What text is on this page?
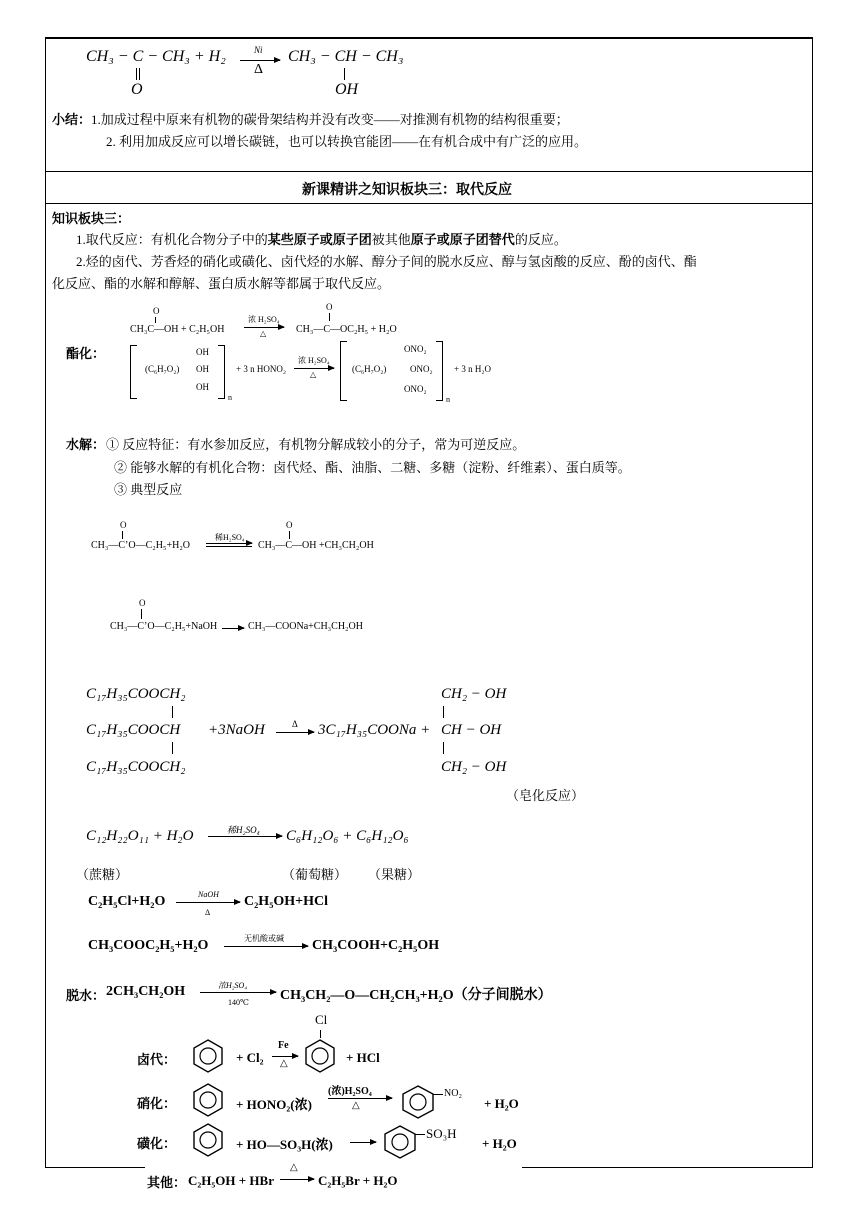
CH₃ − C − CH₃ + H₂	Ni
Δ
CH₃ − CH − CH₃
O	OH
小结： 1.加成过程中原来有机物的碳骨架结构并没有改变——对推测有机物的结构很重要；
2. 利用加成反应可以增长碳链，也可以转换官能团——在有机合成中有广泛的应用。
新课精讲之知识板块三：取代反应
知识板块三：

1.取代反应：有机化合物分子中的某些原子或原子团被其他原子或原子团替代的反应。

2.烃的卤代、芳香烃的硝化或磺化、卤代烃的水解、醇分子间的脱水反应、醇与氢卤酸的反应、酚的卤代、酯
化反应、酯的水解和醇解、蛋白质水解等都属于取代反应。
酯化：
O
CH₃C—OH + C₂H₅OH
浓 H₂SO₄
△
O
CH₃—C—OC₂H₅ + H₂O
(C₆H₇O₂)
OH
OH
OH
n
+ 3 n HONO₂
浓 H₂SO₄
△
(C₆H₇O₂)
ONO₂
ONO₂
ONO₂
n
+ 3 n H₂O
水解： ① 反应特征：有水参加反应，有机物分解成较小的分子，常为可逆反应。
② 能够水解的有机化合物：卤代烃、酯、油脂、二糖、多糖（淀粉、纤维素）、蛋白质等。
③ 典型反应
O
CH₃—C’O—C₂H₅+H₂O
稀H₂SO₄
O
CH₃—C—OH +CH₃CH₂OH
O
CH₃—C’O—C₂H₅+NaOH	CH₃—COONa+CH₃CH₂OH
C₁₇H₃₅COOCH₂
C₁₇H₃₅COOCH
C₁₇H₃₅COOCH₂
+3NaOH	Δ 3C₁₇H₃₅COONa +
CH₂ − OH
CH − OH
CH₂ − OH
（皂化反应）
C₁₂H₂₂O₁₁ + H₂O	稀H₂SO₄ C₆H₁₂O₆ + C₆H₁₂O₆
（蔗糖）	（葡萄糖） （果糖）
C₂H₅Cl+H₂O	NaOH
Δ
C₂H₅OH+HCl
CH₃COOC₂H₅+H₂O	无机酸或碱 CH₃COOH+C₂H₅OH
脱水： 2CH₃CH₂OH	浓H₂SO₄
140℃ CH₃CH₂—O—CH₂CH₃+H₂O（分子间脱水）
卤代：	+ Cl₂
Fe
△
Cl
+ HCl
硝化：	+ HONO₂(浓)
(浓)H₂SO₄
△
NO₂
+ H₂O
磺化：	+ HO—SO₃H(浓)
SO₃H
+ H₂O
其他： C₂H₅OH + HBr
△
C₂H₅Br + H₂O
